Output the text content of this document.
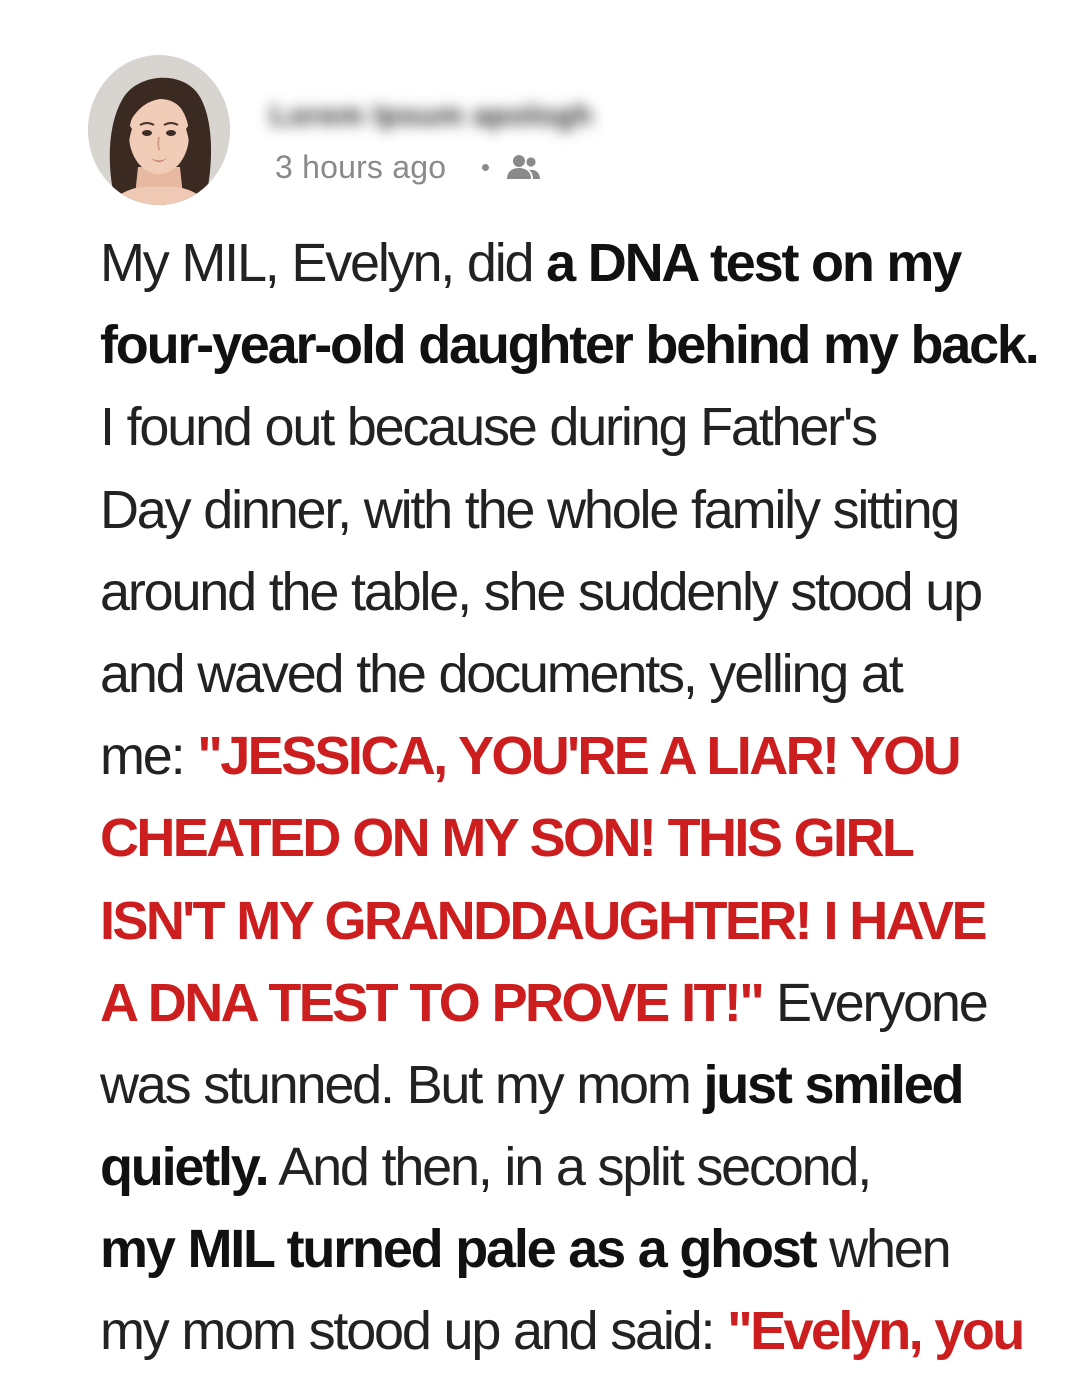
Lorem Ipsum apologh
3 hours ago
My MIL, Evelyn, did a DNA test on my
four-year-old daughter behind my back.
I found out because during Father's
Day dinner, with the whole family sitting
around the table, she suddenly stood up
and waved the documents, yelling at
me: "JESSICA, YOU'RE A LIAR! YOU
CHEATED ON MY SON! THIS GIRL
ISN'T MY GRANDDAUGHTER! I HAVE
A DNA TEST TO PROVE IT!" Everyone
was stunned. But my mom just smiled
quietly. And then, in a split second,
my MIL turned pale as a ghost when
my mom stood up and said: "Evelyn, you
